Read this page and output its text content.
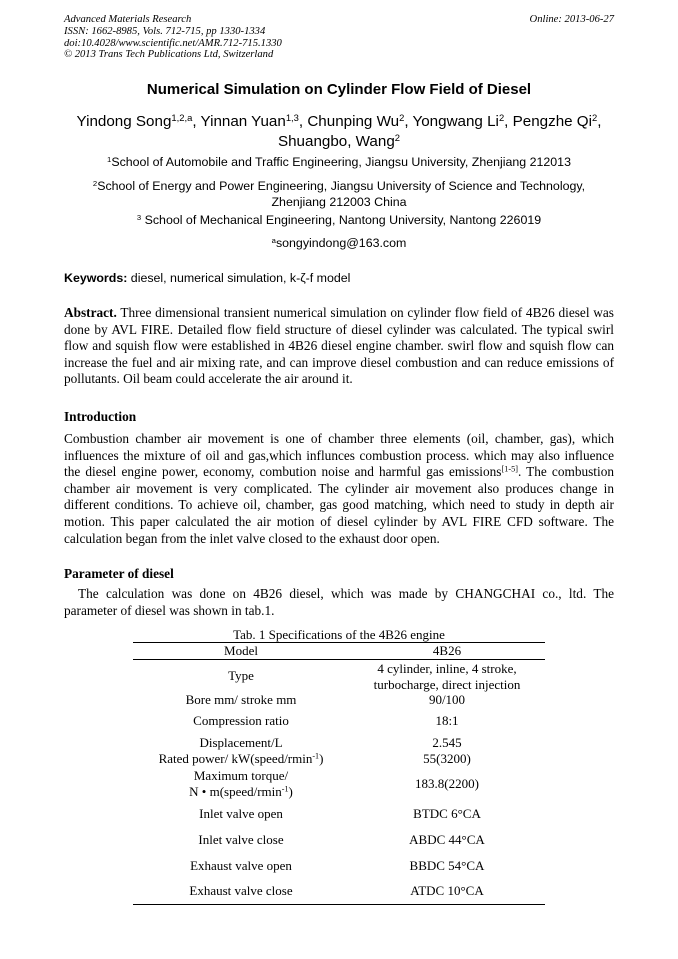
Advanced Materials Research
ISSN: 1662-8985, Vols. 712-715, pp 1330-1334
doi:10.4028/www.scientific.net/AMR.712-715.1330
© 2013 Trans Tech Publications Ltd, Switzerland
Online: 2013-06-27
Numerical Simulation on Cylinder Flow Field of Diesel
Yindong Song$^{1,2,a}$, Yinnan Yuan$^{1,3}$, Chunping Wu$^2$, Yongwang Li$^2$, Pengzhe Qi$^2$,
Shuangbo, Wang$^2$
$^1$School of Automobile and Traffic Engineering, Jiangsu University, Zhenjiang 212013
$^2$School of Energy and Power Engineering, Jiangsu University of Science and Technology, Zhenjiang 212003 China
$^3$ School of Mechanical Engineering, Nantong University, Nantong 226019
$^a$songyindong@163.com
Keywords: diesel, numerical simulation, k-ζ-f model
Abstract. Three dimensional transient numerical simulation on cylinder flow field of 4B26 diesel was done by AVL FIRE. Detailed flow field structure of diesel cylinder was calculated. The typical swirl flow and squish flow were established in 4B26 diesel engine chamber. swirl flow and squish flow can increase the fuel and air mixing rate, and can improve diesel combustion and can reduce emissions of pollutants. Oil beam could accelerate the air around it.
Introduction
Combustion chamber air movement is one of chamber three elements (oil, chamber, gas), which influences the mixture of oil and gas,which influnces combustion process. which may also influence the diesel engine power, economy, combution noise and harmful gas emissions[1-5]. The combustion chamber air movement is very complicated. The cylinder air movement also produces change in different conditions. To achieve oil, chamber, gas good matching, which need to study in depth air motion. This paper calculated the air motion of diesel cylinder by AVL FIRE CFD software. The calculation began from the inlet valve closed to the exhaust door open.
Parameter of diesel
The calculation was done on 4B26 diesel, which was made by CHANGCHAI co., ltd. The parameter of diesel was shown in tab.1.
Tab. 1 Specifications of the 4B26 engine
Model	4B26
Type	4 cylinder, inline, 4 stroke,
turbocharge, direct injection
Bore mm/ stroke mm	90/100
Compression ratio	18:1
Displacement/L	2.545
Rated power/ kW(speed/rmin$^{-1}$)	55(3200)
Maximum torque/
N • m(speed/rmin$^{-1}$)	183.8(2200)
Inlet valve open	BTDC 6°CA
Inlet valve close	ABDC 44°CA
Exhaust valve open	BBDC 54°CA
Exhaust valve close	ATDC 10°CA
